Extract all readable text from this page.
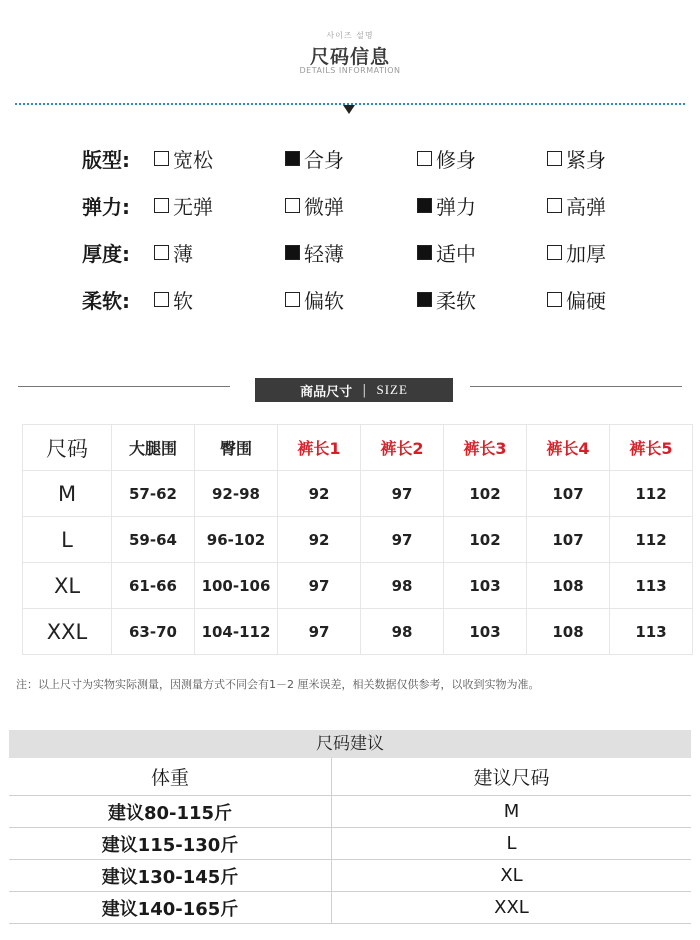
사이즈 설명
尺码信息
DETAILS INFORMATION
版型: 宽松	合身	修身	紧身
弹力: 无弹	微弹	弹力	高弹
厚度: 薄	轻薄	适中	加厚
柔软: 软	偏软	柔软	偏硬
商品尺寸 | SIZE
尺码	大腿围	臀围	裤长1	裤长2	裤长3	裤长4	裤长5
M	57-62	92-98	92	97	102	107	112
L	59-64	96-102	92	97	102	107	112
XL	61-66	100-106	97	98	103	108	113
XXL	63-70	104-112	97	98	103	108	113
注：以上尺寸为实物实际测量，因测量方式不同会有1－2 厘米误差，相关数据仅供参考，以收到实物为准。
尺码建议
体重	建议尺码
建议80-115斤	M
建议115-130斤	L
建议130-145斤	XL
建议140-165斤	XXL
